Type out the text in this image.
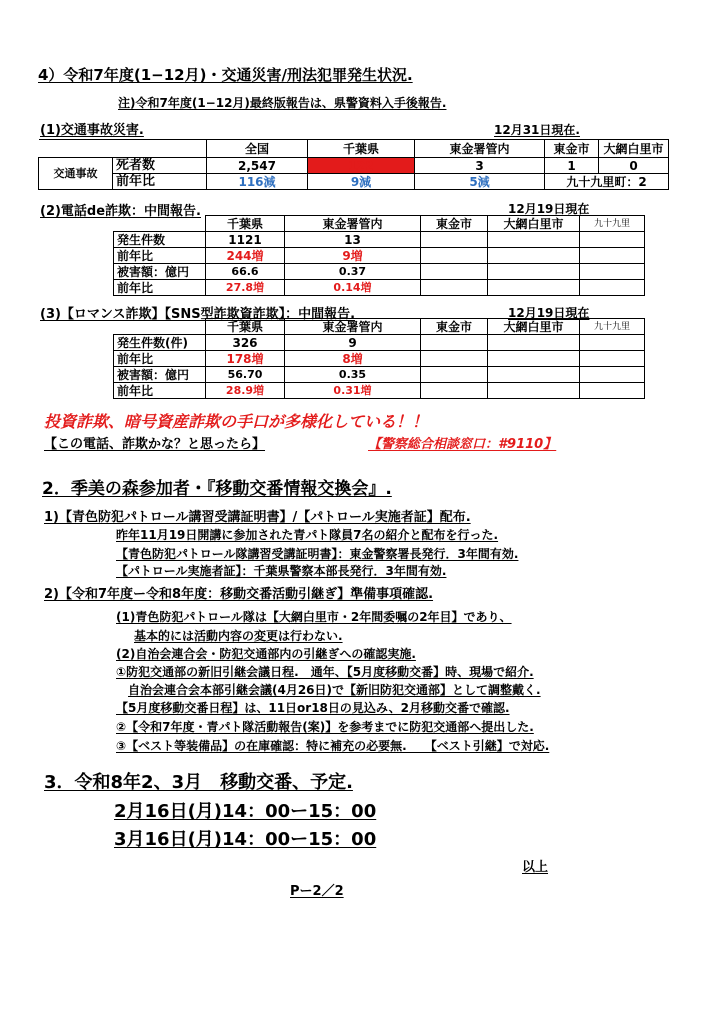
4）令和7年度(1−12月)・交通災害/刑法犯罪発生状況.
注)令和7年度(1−12月)最終版報告は、県警資料入手後報告.
(1)交通事故災害.	12月31日現在.
		全国	千葉県	東金署管内	東金市	大網白里市
交通事故	死者数	2,547	122	3	1	0
	前年比	116減	9減	5減	九十九里町：2	
(2)電話de詐欺：中間報告.	12月19日現在
	千葉県	東金署管内	東金市	大網白里市	九十九里
発生件数	1121	13			
前年比	244増	9増			
被害額：億円	66.6	0.37			
前年比	27.8増	0.14増			
(3)【ロマンス詐欺】【SNS型詐欺資詐欺】：中間報告.	12月19日現在
	千葉県	東金署管内	東金市	大網白里市	九十九里
発生件数(件)	326	9			
前年比	178増	8増			
被害額：億円	56.70	0.35			
前年比	28.9増	0.31増			
投資詐欺、暗号資産詐欺の手口が多様化している！！
【この電話、詐欺かな？と思ったら】	【警察総合相談窓口：#9110】
2．季美の森参加者・『移動交番情報交換会』.
1)【青色防犯パトロール講習受講証明書】/【パトロール実施者証】配布.
昨年11月19日開講に参加された青パト隊員7名の紹介と配布を行った.
【青色防犯パトロール隊講習受講証明書】：東金警察署長発行．3年間有効.
【パトロール実施者証】：千葉県警察本部長発行．3年間有効.
2)【令和7年度ー令和8年度：移動交番活動引継ぎ】準備事項確認.
(1)青色防犯パトロール隊は【大網白里市・2年間委嘱の2年目】であり、
基本的には活動内容の変更は行わない.
(2)自治会連合会・防犯交通部内の引継ぎへの確認実施.
①防犯交通部の新旧引継会議日程.　通年、【5月度移動交番】時、現場で紹介.
自治会連合会本部引継会議(4月26日)で【新旧防犯交通部】として調整戴く.
【5月度移動交番日程】は、11日or18日の見込み、2月移動交番で確認.
②【令和7年度・青パト隊活動報告(案)】を参考までに防犯交通部へ提出した.
③【ベスト等装備品】の在庫確認：特に補充の必要無.　　【ベスト引継】で対応.
3．令和8年2、3月　移動交番、予定.
2月16日(月)14：00ー15：00
3月16日(月)14：00ー15：00
以上
Pー2／2
